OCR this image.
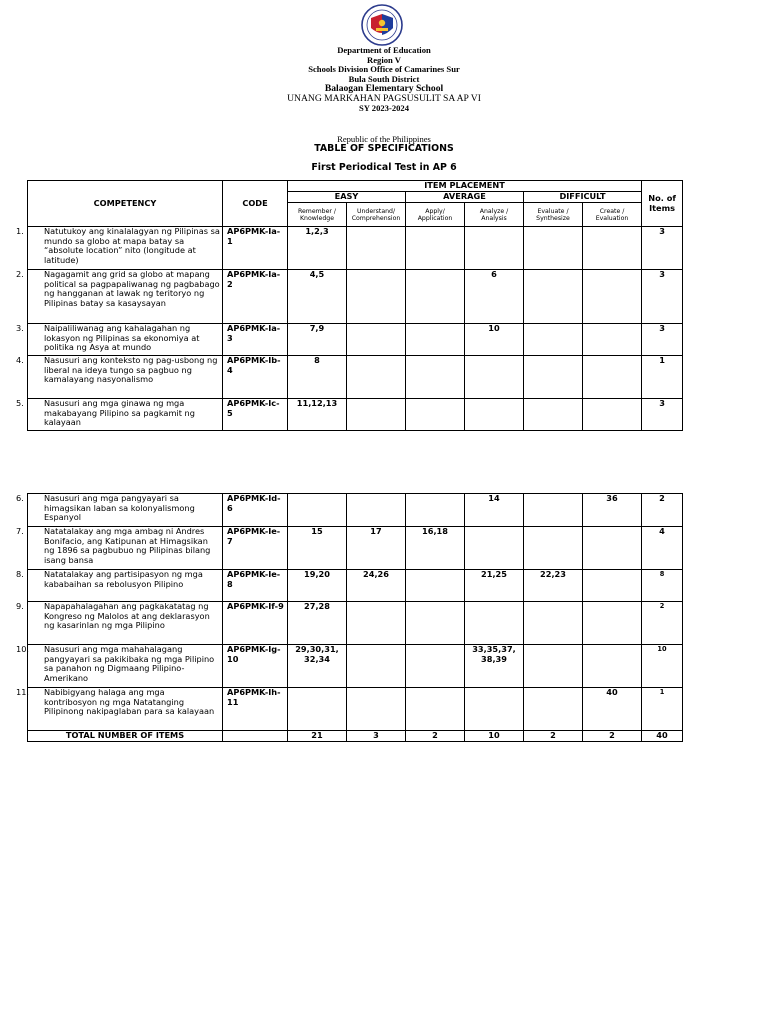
Department of Education
Region V
Schools Division Office of Camarines Sur
Bula South District
Balaogan Elementary School
UNANG MARKAHAN PAGSUSULIT SA AP VI
SY 2023-2024
Republic of the Philippines
TABLE OF SPECIFICATIONS
First Periodical Test in AP 6
COMPETENCY	CODE	ITEM PLACEMENT						No. of Items
		EASY		AVERAGE		DIFFICULT		
		Remember / Knowledge	Understand/ Comprehension	Apply/ Application	Analyze / Analysis	Evaluate / Synthesize	Create / Evaluation	
1. Natutukoy ang kinalalagyan ng Pilipinas sa mundo sa globo at mapa batay sa “absolute location” nito (longitude at latitude)	AP6PMK-Ia-1	1,2,3						3
2. Nagagamit ang grid sa globo at mapang political sa pagpapaliwanag ng pagbabago ng hangganan at lawak ng teritoryo ng Pilipinas batay sa kasaysayan	AP6PMK-Ia-2	4,5			6			3
3. Naipaliliwanag ang kahalagahan ng lokasyon ng Pilipinas sa ekonomiya at politika ng Asya at mundo	AP6PMK-Ia-3	7,9			10			3
4. Nasusuri ang konteksto ng pag-usbong ng liberal na ideya tungo sa pagbuo ng kamalayang nasyonalismo	AP6PMK-Ib-4	8						1
5. Nasusuri ang mga ginawa ng mga makabayang Pilipino sa pagkamit ng kalayaan	AP6PMK-Ic-5	11,12,13						3
6. Nasusuri ang mga pangyayari sa himagsikan laban sa kolonyalismong Espanyol	AP6PMK-Id-6				14		36	2
7. Natatalakay ang mga ambag ni Andres Bonifacio, ang Katipunan at Himagsikan ng 1896 sa pagbubuo ng Pilipinas bilang isang bansa	AP6PMK-Ie-7	15	17	16,18				4
8. Natatalakay ang partisipasyon ng mga kababaihan sa rebolusyon Pilipino	AP6PMK-Ie-8	19,20	24,26		21,25	22,23		8
9. Napapahalagahan ang pagkakatatag ng Kongreso ng Malolos at ang deklarasyon ng kasarinlan ng mga Pilipino	AP6PMK-If-9	27,28						2
10. Nasusuri ang mga mahahalagang pangyayari sa pakikibaka ng mga Pilipino sa panahon ng Digmaang Pilipino-Amerikano	AP6PMK-Ig-10	29,30,31, 32,34			33,35,37, 38,39			10
11. Nabibigyang halaga ang mga kontribosyon ng mga Natatanging Pilipinong nakipaglaban para sa kalayaan	AP6PMK-Ih-11						40	1
TOTAL NUMBER OF ITEMS		21	3	2	10	2	2	40
